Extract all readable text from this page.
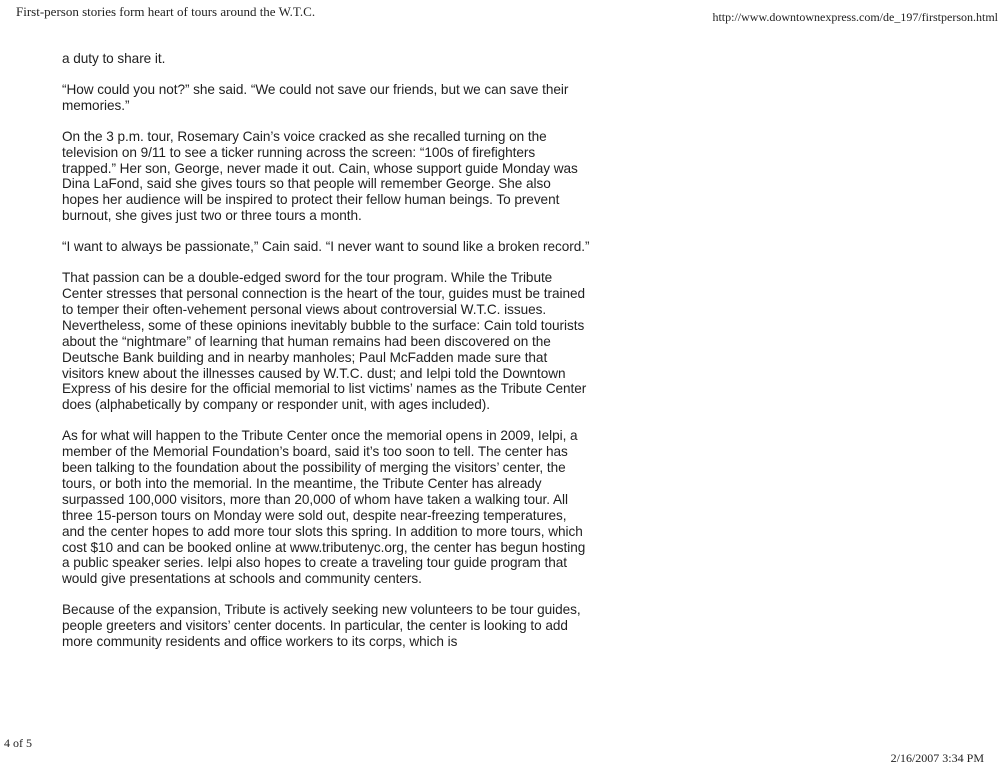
First-person stories form heart of tours around the W.T.C.	http://www.downtownexpress.com/de_197/firstperson.html

a duty to share it.

“How could you not?” she said. “We could not save our friends, but we can save their memories.”

On the 3 p.m. tour, Rosemary Cain’s voice cracked as she recalled turning on the television on 9/11 to see a ticker running across the screen: “100s of firefighters trapped.” Her son, George, never made it out. Cain, whose support guide Monday was Dina LaFond, said she gives tours so that people will remember George. She also hopes her audience will be inspired to protect their fellow human beings. To prevent burnout, she gives just two or three tours a month.

“I want to always be passionate,” Cain said. “I never want to sound like a broken record.”

That passion can be a double-edged sword for the tour program. While the Tribute Center stresses that personal connection is the heart of the tour, guides must be trained to temper their often-vehement personal views about controversial W.T.C. issues. Nevertheless, some of these opinions inevitably bubble to the surface: Cain told tourists about the “nightmare” of learning that human remains had been discovered on the Deutsche Bank building and in nearby manholes; Paul McFadden made sure that visitors knew about the illnesses caused by W.T.C. dust; and Ielpi told the Downtown Express of his desire for the official memorial to list victims’ names as the Tribute Center does (alphabetically by company or responder unit, with ages included).

As for what will happen to the Tribute Center once the memorial opens in 2009, Ielpi, a member of the Memorial Foundation’s board, said it’s too soon to tell. The center has been talking to the foundation about the possibility of merging the visitors’ center, the tours, or both into the memorial. In the meantime, the Tribute Center has already surpassed 100,000 visitors, more than 20,000 of whom have taken a walking tour. All three 15-person tours on Monday were sold out, despite near-freezing temperatures, and the center hopes to add more tour slots this spring. In addition to more tours, which cost $10 and can be booked online at www.tributenyc.org, the center has begun hosting a public speaker series. Ielpi also hopes to create a traveling tour guide program that would give presentations at schools and community centers.

Because of the expansion, Tribute is actively seeking new volunteers to be tour guides, people greeters and visitors’ center docents. In particular, the center is looking to add more community residents and office workers to its corps, which is

4 of 5
2/16/2007 3:34 PM
